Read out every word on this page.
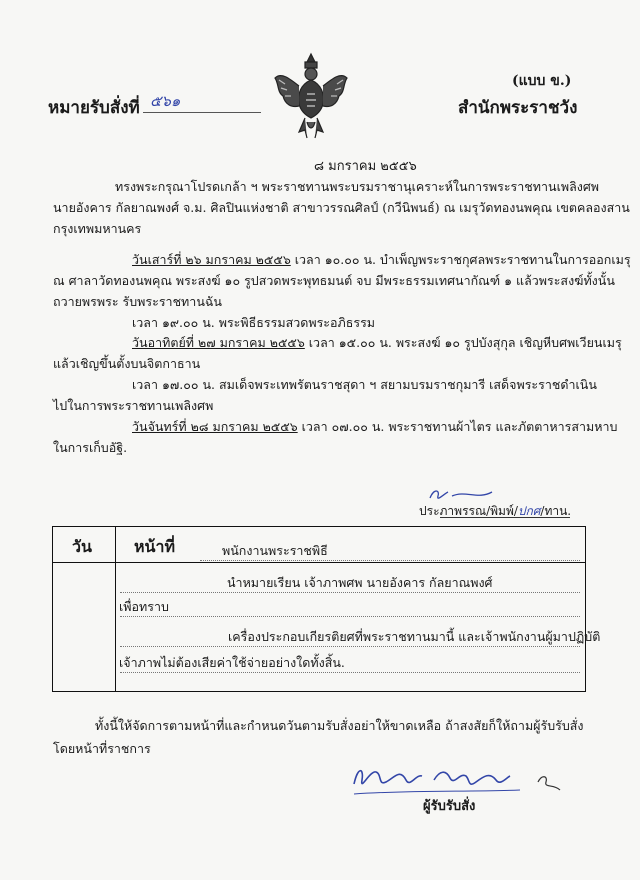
(แบบ ข.)
หมายรับสั่งที่ ๕๖๑	สำนักพระราชวัง
๘ มกราคม ๒๕๕๖
ทรงพระกรุณาโปรดเกล้า ฯ พระราชทานพระบรมราชานุเคราะห์ในการพระราชทานเพลิงศพ
นายอังคาร กัลยาณพงศ์ จ.ม. ศิลปินแห่งชาติ สาขาวรรณศิลป์ (กวีนิพนธ์) ณ เมรุวัดทองนพคุณ เขตคลองสาน
กรุงเทพมหานคร
วันเสาร์ที่ ๒๖ มกราคม ๒๕๕๖ เวลา ๑๐.๐๐ น. บำเพ็ญพระราชกุศลพระราชทานในการออกเมรุ
ณ ศาลาวัดทองนพคุณ พระสงฆ์ ๑๐ รูปสวดพระพุทธมนต์ จบ มีพระธรรมเทศนากัณฑ์ ๑ แล้วพระสงฆ์ทั้งนั้น
ถวายพรพระ รับพระราชทานฉัน
เวลา ๑๙.๐๐ น. พระพิธีธรรมสวดพระอภิธรรม
วันอาทิตย์ที่ ๒๗ มกราคม ๒๕๕๖ เวลา ๑๕.๐๐ น. พระสงฆ์ ๑๐ รูปบังสุกุล เชิญหีบศพเวียนเมรุ
แล้วเชิญขึ้นตั้งบนจิตกาธาน
เวลา ๑๗.๐๐ น. สมเด็จพระเทพรัตนราชสุดา ฯ สยามบรมราชกุมารี เสด็จพระราชดำเนิน
ไปในการพระราชทานเพลิงศพ
วันจันทร์ที่ ๒๘ มกราคม ๒๕๕๖ เวลา ๐๗.๐๐ น. พระราชทานผ้าไตร และภัตตาหารสามหาบ
ในการเก็บอัฐิ.
ประภาพรรณ/พิมพ์/ปกศ/ทาน.
วัน	หน้าที่	พนักงานพระราชพิธี
นำหมายเรียน เจ้าภาพศพ นายอังคาร กัลยาณพงศ์
เพื่อทราบ
เครื่องประกอบเกียรติยศที่พระราชทานมานี้ และเจ้าพนักงานผู้มาปฏิบัติ
เจ้าภาพไม่ต้องเสียค่าใช้จ่ายอย่างใดทั้งสิ้น.
ทั้งนี้ให้จัดการตามหน้าที่และกำหนดวันตามรับสั่งอย่าให้ขาดเหลือ ถ้าสงสัยก็ให้ถามผู้รับรับสั่ง
โดยหน้าที่ราชการ
ผู้รับรับสั่ง
